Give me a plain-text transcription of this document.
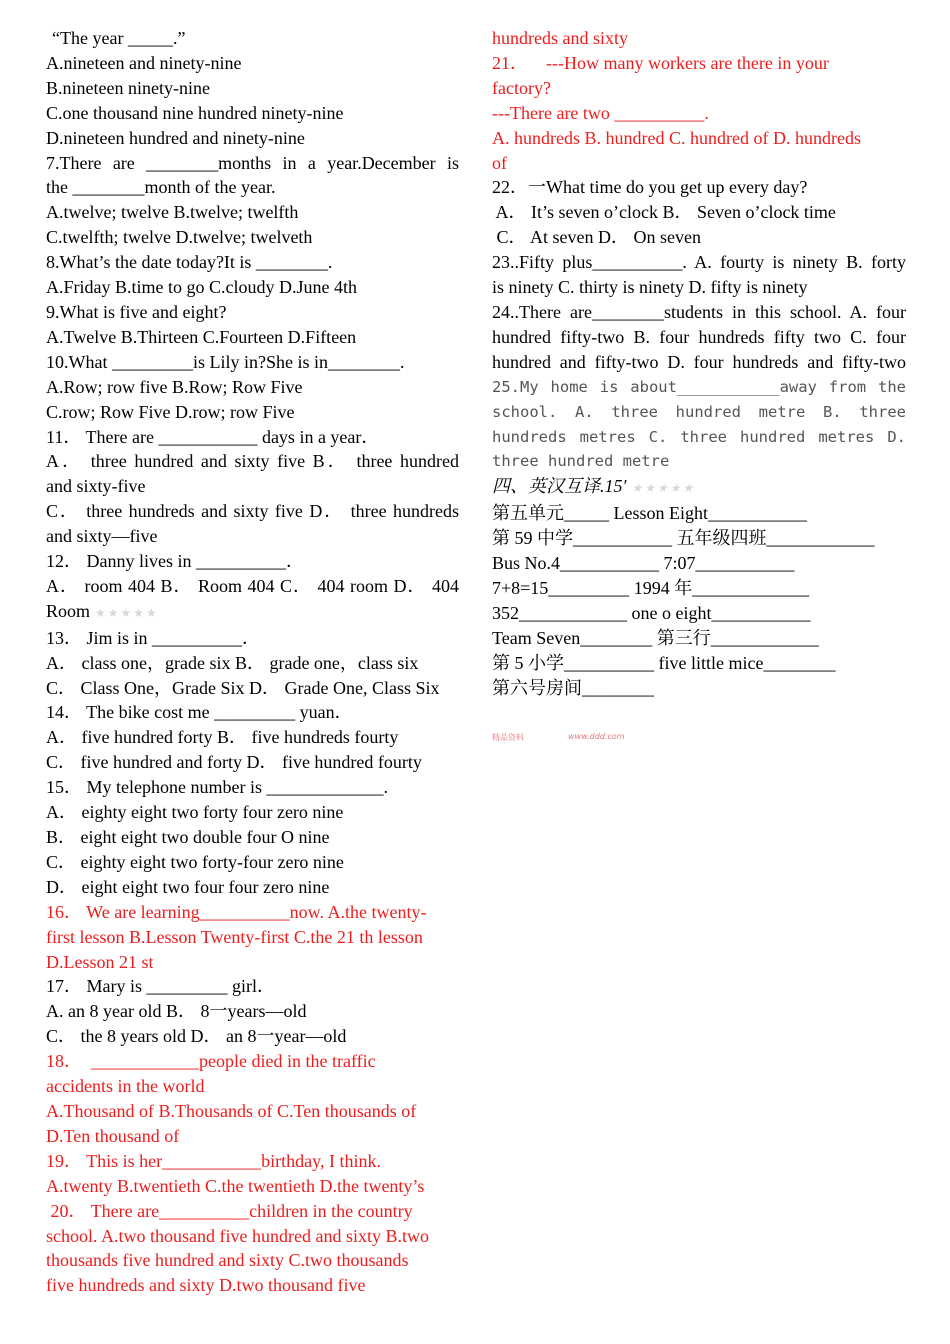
“The year _____.”
A.nineteen and ninety-nine
B.nineteen ninety-nine
C.one thousand nine hundred ninety-nine
D.nineteen hundred and ninety-nine
7.There are ________months in a year.December is
the ________month of the year.
A.twelve; twelve B.twelve; twelfth
C.twelfth; twelve D.twelve; twelveth
8.What’s the date today?It is ________.
A.Friday B.time to go C.cloudy D.June 4th
9.What is five and eight?
A.Twelve B.Thirteen C.Fourteen D.Fifteen
10.What _________is Lily in?She is in________.
A.Row; row five B.Row; Row Five
C.row; Row Five D.row; row Five
11． There are ___________ days in a year．
A． three hundred and sixty five B． three hundred
and sixty-five
C． three hundreds and sixty five D． three hundreds
and sixty—five
12． Danny lives in __________．
A． room 404 B． Room 404 C． 404 room D． 404
Room ★★★★★
13． Jim is in __________．
A． class one，grade six B． grade one，class six
C． Class One，Grade Six D． Grade One, Class Six
14． The bike cost me _________ yuan．
A． five hundred forty B． five hundreds fourty
C． five hundred and forty D． five hundred fourty
15． My telephone number is _____________.
A． eighty eight two forty four zero nine
B． eight eight two double four O nine
C． eighty eight two forty-four zero nine
D． eight eight two four four zero nine
16． We are learning__________now. A.the twenty-
first lesson B.Lesson Twenty-first C.the 21 th lesson
D.Lesson 21 st
17． Mary is _________ girl．
A. an 8 year old B． 8一years—old
C． the 8 years old D． an 8一year—old
18．  ____________people died in the traffic
accidents in the world
A.Thousand of B.Thousands of C.Ten thousands of
D.Ten thousand of
19． This is her___________birthday, I think.
A.twenty B.twentieth C.the twentieth D.the twenty’s
20． There are__________children in the country
school. A.two thousand five hundred and sixty B.two
thousands five hundred and sixty C.two thousands
five hundreds and sixty D.two thousand five
hundreds and sixty
21．    ---How many workers are there in your
factory?
---There are two __________.
A. hundreds B. hundred C. hundred of D. hundreds
of
22．一What time do you get up every day?
A． It’s seven o’clock B． Seven o’clock time
C． At seven D． On seven
23..Fifty plus__________. A. fourty is ninety B. forty
is ninety C. thirty is ninety D. fifty is ninety
24..There are________students in this school. A. four
hundred fifty-two B. four hundreds fifty two C. four
hundred and fifty-two D. four hundreds and fifty-two
25.My home is about___________away from the
school. A. three hundred metre B. three
hundreds metres C. three hundred metres D.
three hundred metre
四、英汉互译.15′ ★★★★★
第五单元_____ Lesson Eight___________
第 59 中学___________ 五年级四班____________
Bus No.4___________ 7:07___________
7+8=15_________ 1994 年_____________
352____________ one o eight___________
Team Seven________ 第三行____________
第 5 小学__________ five little mice________
第六号房间________
精品资料	www.ddd.com
